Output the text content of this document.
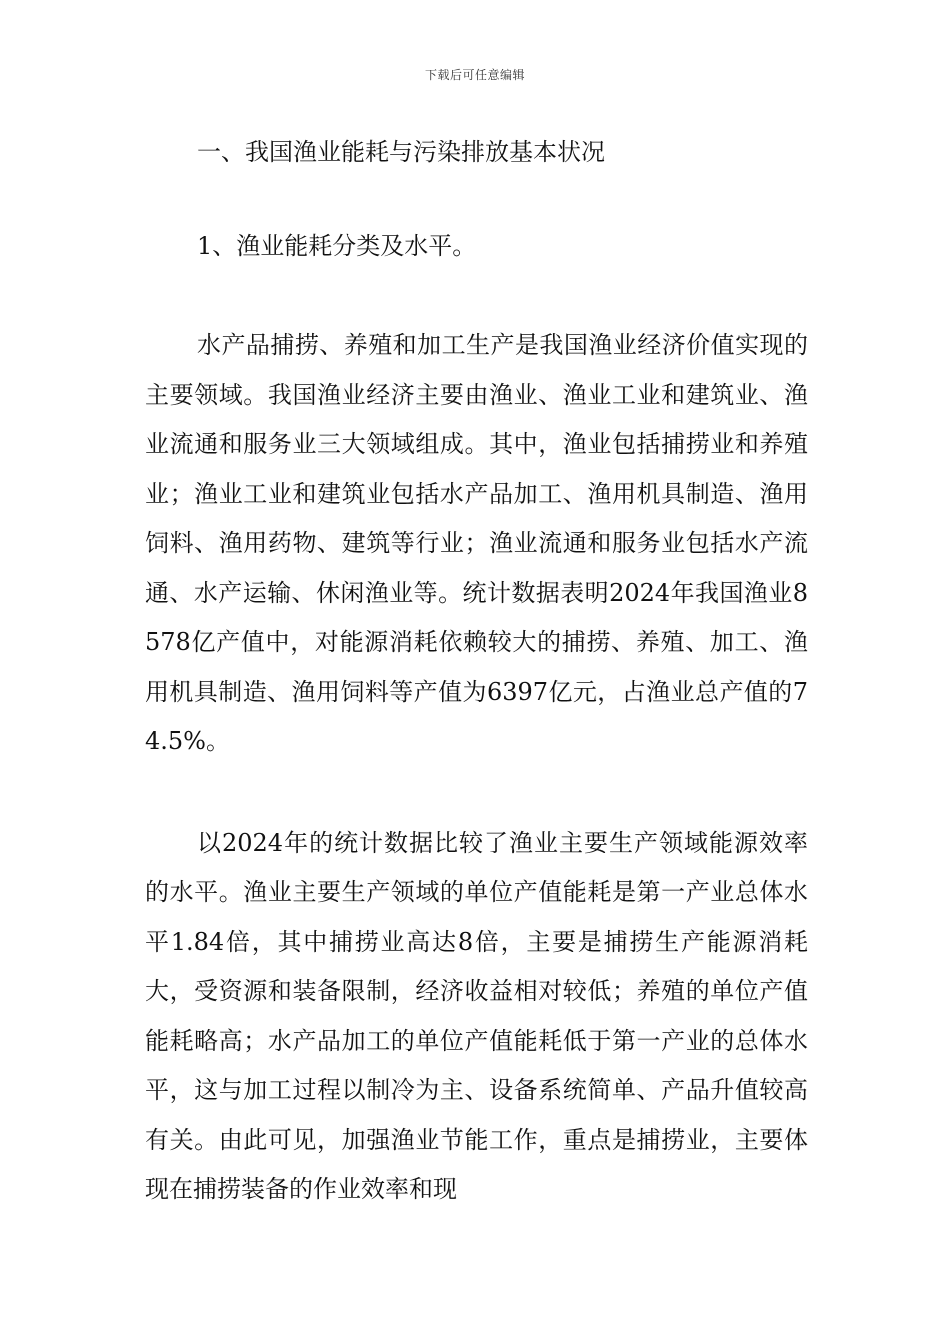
下载后可任意编辑
一、我国渔业能耗与污染排放基本状况
1、渔业能耗分类及水平。

水产品捕捞、养殖和加工生产是我国渔业经济价值实现的主要领域。我国渔业经济主要由渔业、渔业工业和建筑业、渔业流通和服务业三大领域组成。其中，渔业包括捕捞业和养殖业；渔业工业和建筑业包括水产品加工、渔用机具制造、渔用饲料、渔用药物、建筑等行业；渔业流通和服务业包括水产流通、水产运输、休闲渔业等。统计数据表明2024年我国渔业8578亿产值中，对能源消耗依赖较大的捕捞、养殖、加工、渔用机具制造、渔用饲料等产值为6397亿元，占渔业总产值的74.5%。

以2024年的统计数据比较了渔业主要生产领域能源效率的水平。渔业主要生产领域的单位产值能耗是第一产业总体水平1.84倍，其中捕捞业高达8倍，主要是捕捞生产能源消耗大，受资源和装备限制，经济收益相对较低；养殖的单位产值能耗略高；水产品加工的单位产值能耗低于第一产业的总体水平，这与加工过程以制冷为主、设备系统简单、产品升值较高有关。由此可见，加强渔业节能工作，重点是捕捞业，主要体现在捕捞装备的作业效率和现
